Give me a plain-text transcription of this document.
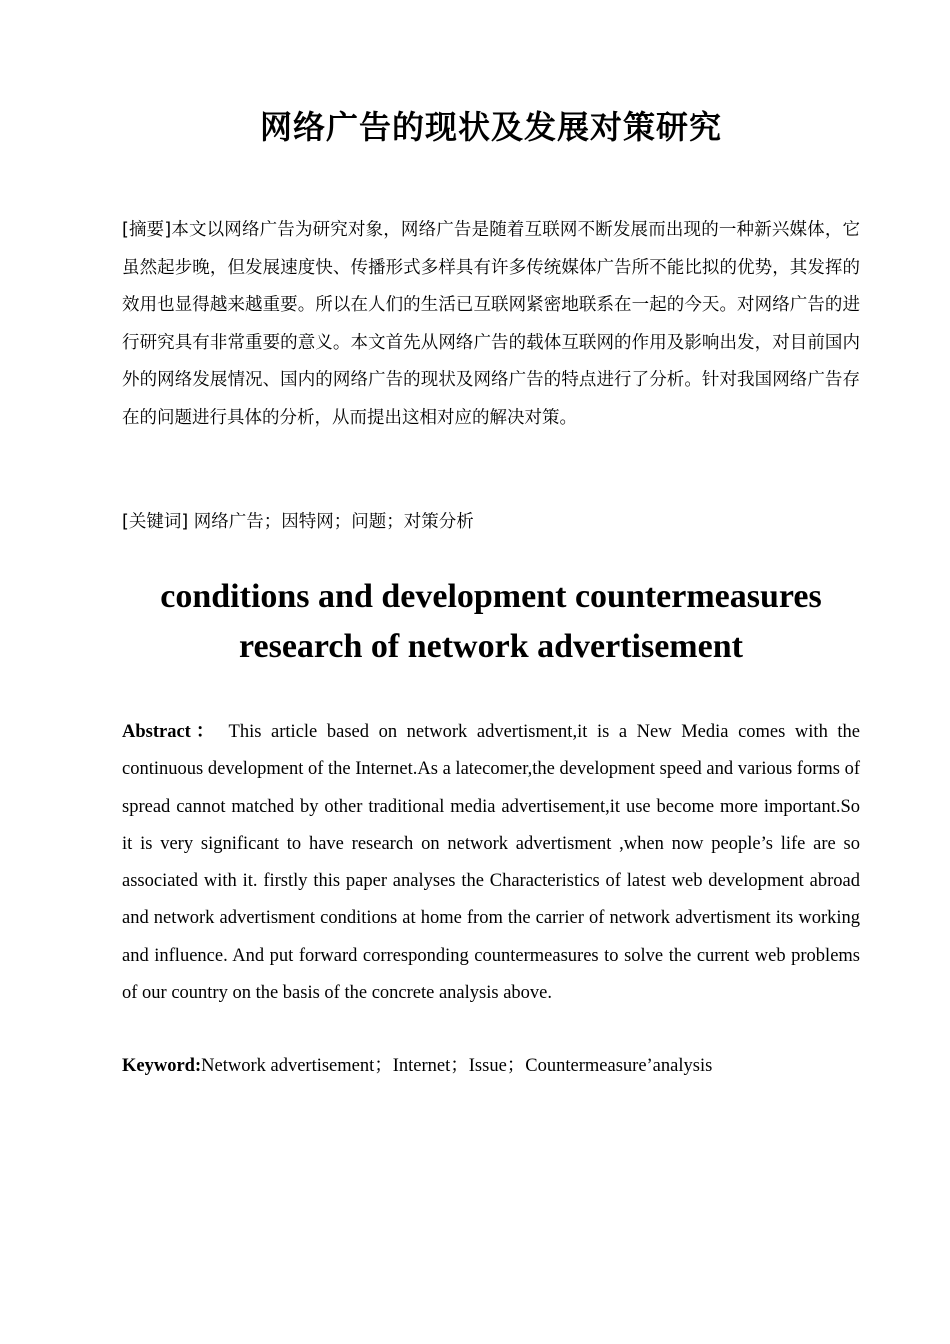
网络广告的现状及发展对策研究
[摘要]本文以网络广告为研究对象，网络广告是随着互联网不断发展而出现的一种新兴媒体，它虽然起步晚，但发展速度快、传播形式多样具有许多传统媒体广告所不能比拟的优势，其发挥的效用也显得越来越重要。所以在人们的生活已互联网紧密地联系在一起的今天。对网络广告的进行研究具有非常重要的意义。本文首先从网络广告的载体互联网的作用及影响出发，对目前国内外的网络发展情况、国内的网络广告的现状及网络广告的特点进行了分析。针对我国网络广告存在的问题进行具体的分析，从而提出这相对应的解决对策。
[关键词] 网络广告；因特网；问题；对策分析
conditions and development countermeasures
research of network advertisement
Abstract： This article based on network advertisment,it is a New Media comes with the continuous development of the Internet.As a latecomer,the development speed and various forms of spread cannot matched by other traditional media advertisement,it use become more important.So it is very significant to have research on network advertisment ,when now people’s life are so associated with it. firstly this paper analyses the Characteristics of latest web development abroad and network advertisment conditions at home from the carrier of network advertisment its working and influence. And put forward corresponding countermeasures to solve the current web problems of our country on the basis of the concrete analysis above.
Keyword:Network advertisement；Internet；Issue；Countermeasure’analysis
